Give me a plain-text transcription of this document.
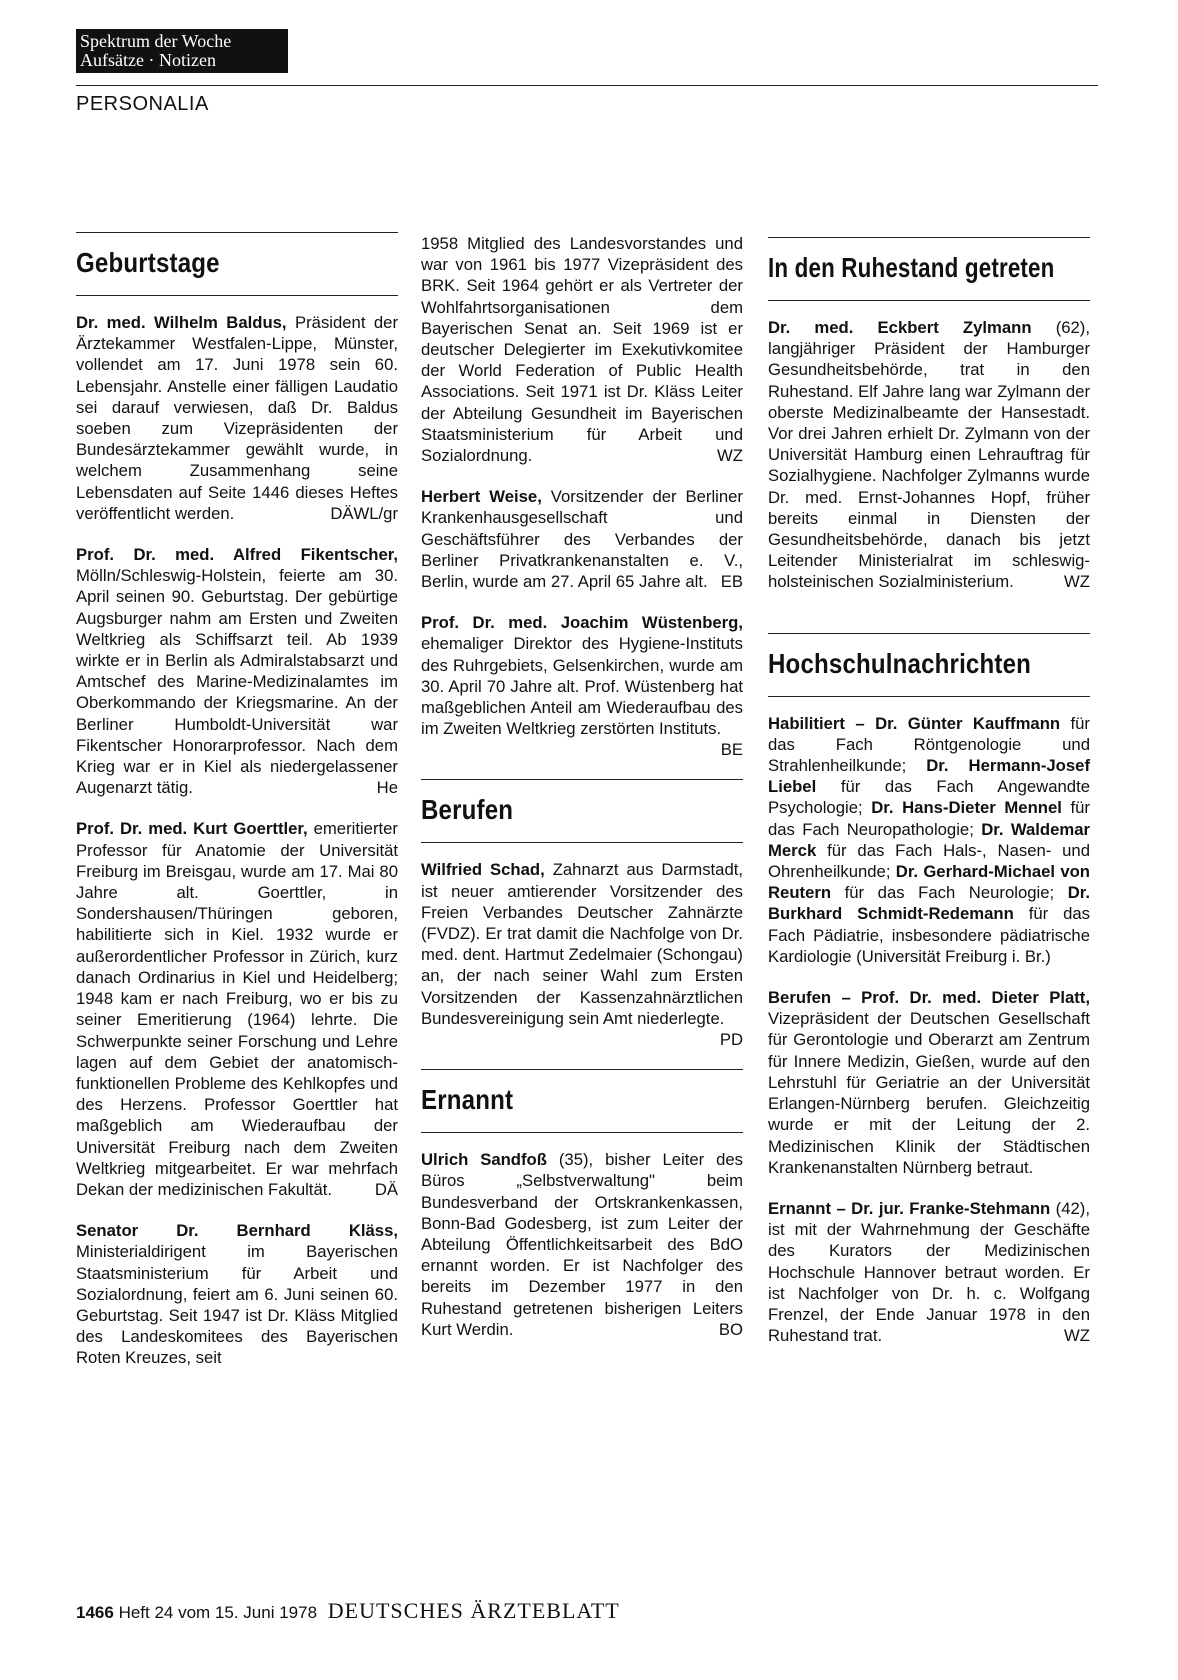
Spektrum der Woche
Aufsätze · Notizen
PERSONALIA
Geburtstage

Dr. med. Wilhelm Baldus, Präsident der Ärztekammer Westfalen-Lippe, Münster, vollendet am 17. Juni 1978 sein 60. Lebensjahr. Anstelle einer fälligen Laudatio sei darauf verwiesen, daß Dr. Baldus soeben zum Vizepräsidenten der Bundesärztekammer gewählt wurde, in welchem Zusammenhang seine Lebensdaten auf Seite 1446 dieses Heftes veröffentlicht werden.	DÄWL/gr

Prof. Dr. med. Alfred Fikentscher, Mölln/Schleswig-Holstein, feierte am 30. April seinen 90. Geburtstag. Der gebürtige Augsburger nahm am Ersten und Zweiten Weltkrieg als Schiffsarzt teil. Ab 1939 wirkte er in Berlin als Admiralstabsarzt und Amtschef des Marine-Medizinalamtes im Oberkommando der Kriegsmarine. An der Berliner Humboldt-Universität war Fikentscher Honorarprofessor. Nach dem Krieg war er in Kiel als niedergelassener Augenarzt tätig.	He

Prof. Dr. med. Kurt Goerttler, emeritierter Professor für Anatomie der Universität Freiburg im Breisgau, wurde am 17. Mai 80 Jahre alt. Goerttler, in Sondershausen/Thüringen geboren, habilitierte sich in Kiel. 1932 wurde er außerordentlicher Professor in Zürich, kurz danach Ordinarius in Kiel und Heidelberg; 1948 kam er nach Freiburg, wo er bis zu seiner Emeritierung (1964) lehrte. Die Schwerpunkte seiner Forschung und Lehre lagen auf dem Gebiet der anatomisch-funktionellen Probleme des Kehlkopfes und des Herzens. Professor Goerttler hat maßgeblich am Wiederaufbau der Universität Freiburg nach dem Zweiten Weltkrieg mitgearbeitet. Er war mehrfach Dekan der medizinischen Fakultät.	DÄ

Senator Dr. Bernhard Kläss, Ministerialdirigent im Bayerischen Staatsministerium für Arbeit und Sozialordnung, feiert am 6. Juni seinen 60. Geburtstag. Seit 1947 ist Dr. Kläss Mitglied des Landeskomitees des Bayerischen Roten Kreuzes, seit

1958 Mitglied des Landesvorstandes und war von 1961 bis 1977 Vizepräsident des BRK. Seit 1964 gehört er als Vertreter der Wohlfahrtsorganisationen dem Bayerischen Senat an. Seit 1969 ist er deutscher Delegierter im Exekutivkomitee der World Federation of Public Health Associations. Seit 1971 ist Dr. Kläss Leiter der Abteilung Gesundheit im Bayerischen Staatsministerium für Arbeit und Sozialordnung.	WZ

Herbert Weise, Vorsitzender der Berliner Krankenhausgesellschaft und Geschäftsführer des Verbandes der Berliner Privatkrankenanstalten e. V., Berlin, wurde am 27. April 65 Jahre alt. EB

Prof. Dr. med. Joachim Wüstenberg, ehemaliger Direktor des Hygiene-Instituts des Ruhrgebiets, Gelsenkirchen, wurde am 30. April 70 Jahre alt. Prof. Wüstenberg hat maßgeblichen Anteil am Wiederaufbau des im Zweiten Weltkrieg zerstörten Instituts.
BE

Berufen

Wilfried Schad, Zahnarzt aus Darmstadt, ist neuer amtierender Vorsitzender des Freien Verbandes Deutscher Zahnärzte (FVDZ). Er trat damit die Nachfolge von Dr. med. dent. Hartmut Zedelmaier (Schongau) an, der nach seiner Wahl zum Ersten Vorsitzenden der Kassenzahnärztlichen Bundesvereinigung sein Amt niederlegte.
PD

Ernannt

Ulrich Sandfoß (35), bisher Leiter des Büros „Selbstverwaltung" beim Bundesverband der Ortskrankenkassen, Bonn-Bad Godesberg, ist zum Leiter der Abteilung Öffentlichkeitsarbeit des BdO ernannt worden. Er ist Nachfolger des bereits im Dezember 1977 in den Ruhestand getretenen bisherigen Leiters Kurt Werdin.	BO

In den Ruhestand getreten

Dr. med. Eckbert Zylmann (62), langjähriger Präsident der Hamburger Gesundheitsbehörde, trat in den Ruhestand. Elf Jahre lang war Zylmann der oberste Medizinalbeamte der Hansestadt. Vor drei Jahren erhielt Dr. Zylmann von der Universität Hamburg einen Lehrauftrag für Sozialhygiene. Nachfolger Zylmanns wurde Dr. med. Ernst-Johannes Hopf, früher bereits einmal in Diensten der Gesundheitsbehörde, danach bis jetzt Leitender Ministerialrat im schleswig-holsteinischen Sozialministerium.	WZ

Hochschulnachrichten

Habilitiert – Dr. Günter Kauffmann für das Fach Röntgenologie und Strahlenheilkunde; Dr. Hermann-Josef Liebel für das Fach Angewandte Psychologie; Dr. Hans-Dieter Mennel für das Fach Neuropathologie; Dr. Waldemar Merck für das Fach Hals-, Nasen- und Ohrenheilkunde; Dr. Gerhard-Michael von Reutern für das Fach Neurologie; Dr. Burkhard Schmidt-Redemann für das Fach Pädiatrie, insbesondere pädiatrische Kardiologie (Universität Freiburg i. Br.)

Berufen – Prof. Dr. med. Dieter Platt, Vizepräsident der Deutschen Gesellschaft für Gerontologie und Oberarzt am Zentrum für Innere Medizin, Gießen, wurde auf den Lehrstuhl für Geriatrie an der Universität Erlangen-Nürnberg berufen. Gleichzeitig wurde er mit der Leitung der 2. Medizinischen Klinik der Städtischen Krankenanstalten Nürnberg betraut.

Ernannt – Dr. jur. Franke-Stehmann (42), ist mit der Wahrnehmung der Geschäfte des Kurators der Medizinischen Hochschule Hannover betraut worden. Er ist Nachfolger von Dr. h. c. Wolfgang Frenzel, der Ende Januar 1978 in den Ruhestand trat.	WZ

1466 Heft 24 vom 15. Juni 1978 DEUTSCHES ÄRZTEBLATT
